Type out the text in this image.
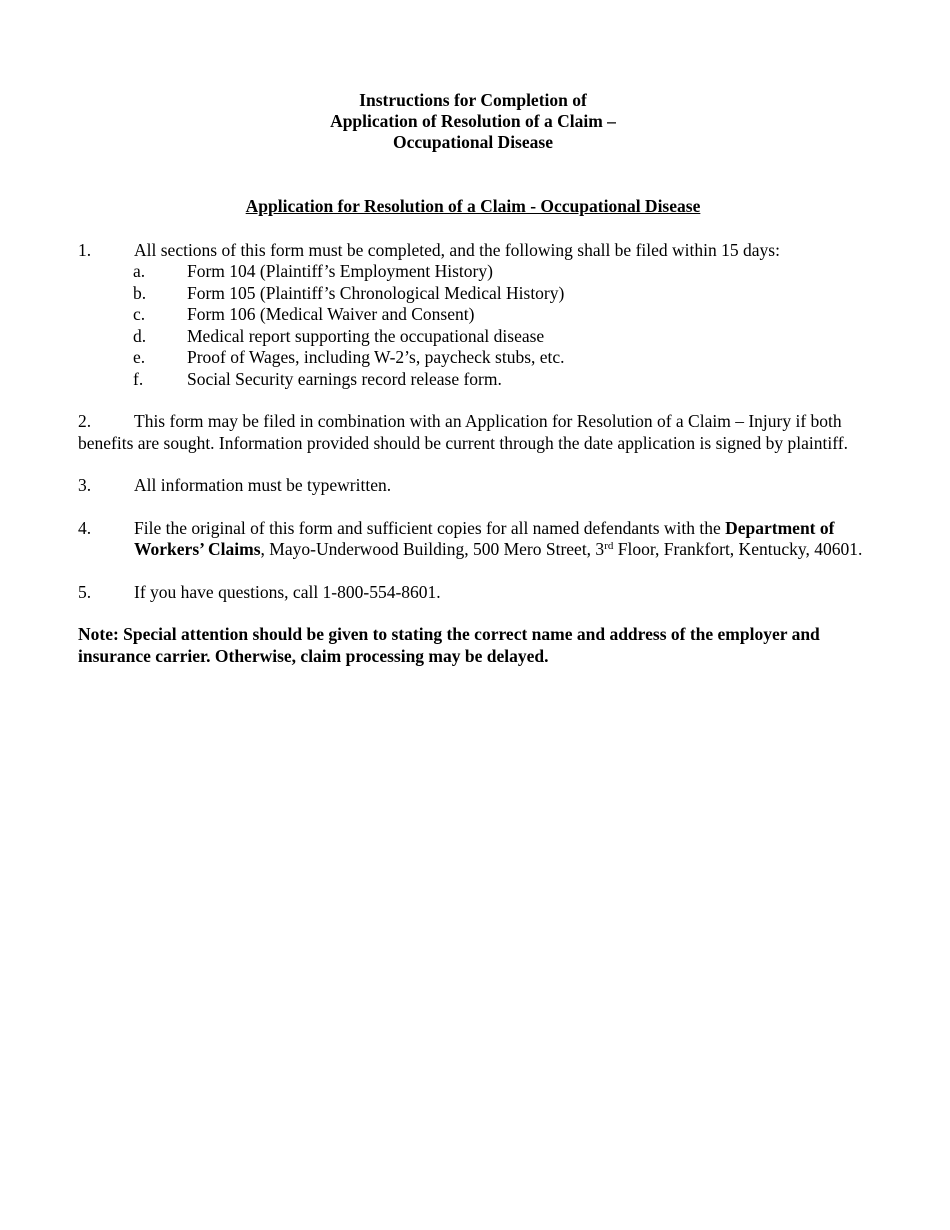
Instructions for Completion of
Application of Resolution of a Claim –
Occupational Disease
Application for Resolution of a Claim - Occupational Disease
1. All sections of this form must be completed, and the following shall be filed within 15 days:
a. Form 104 (Plaintiff’s Employment History)
b. Form 105 (Plaintiff’s Chronological Medical History)
c. Form 106 (Medical Waiver and Consent)
d. Medical report supporting the occupational disease
e. Proof of Wages, including W-2’s, paycheck stubs, etc.
f.	Social Security earnings record release form.
2. This form may be filed in combination with an Application for Resolution of a Claim – Injury if both benefits are sought. Information provided should be current through the date application is signed by plaintiff.
3. All information must be typewritten.
4. File the original of this form and sufficient copies for all named defendants with the Department of Workers’ Claims, Mayo-Underwood Building, 500 Mero Street, 3rd Floor, Frankfort, Kentucky, 40601.
5. If you have questions, call 1-800-554-8601.
Note: Special attention should be given to stating the correct name and address of the employer and insurance carrier. Otherwise, claim processing may be delayed.
